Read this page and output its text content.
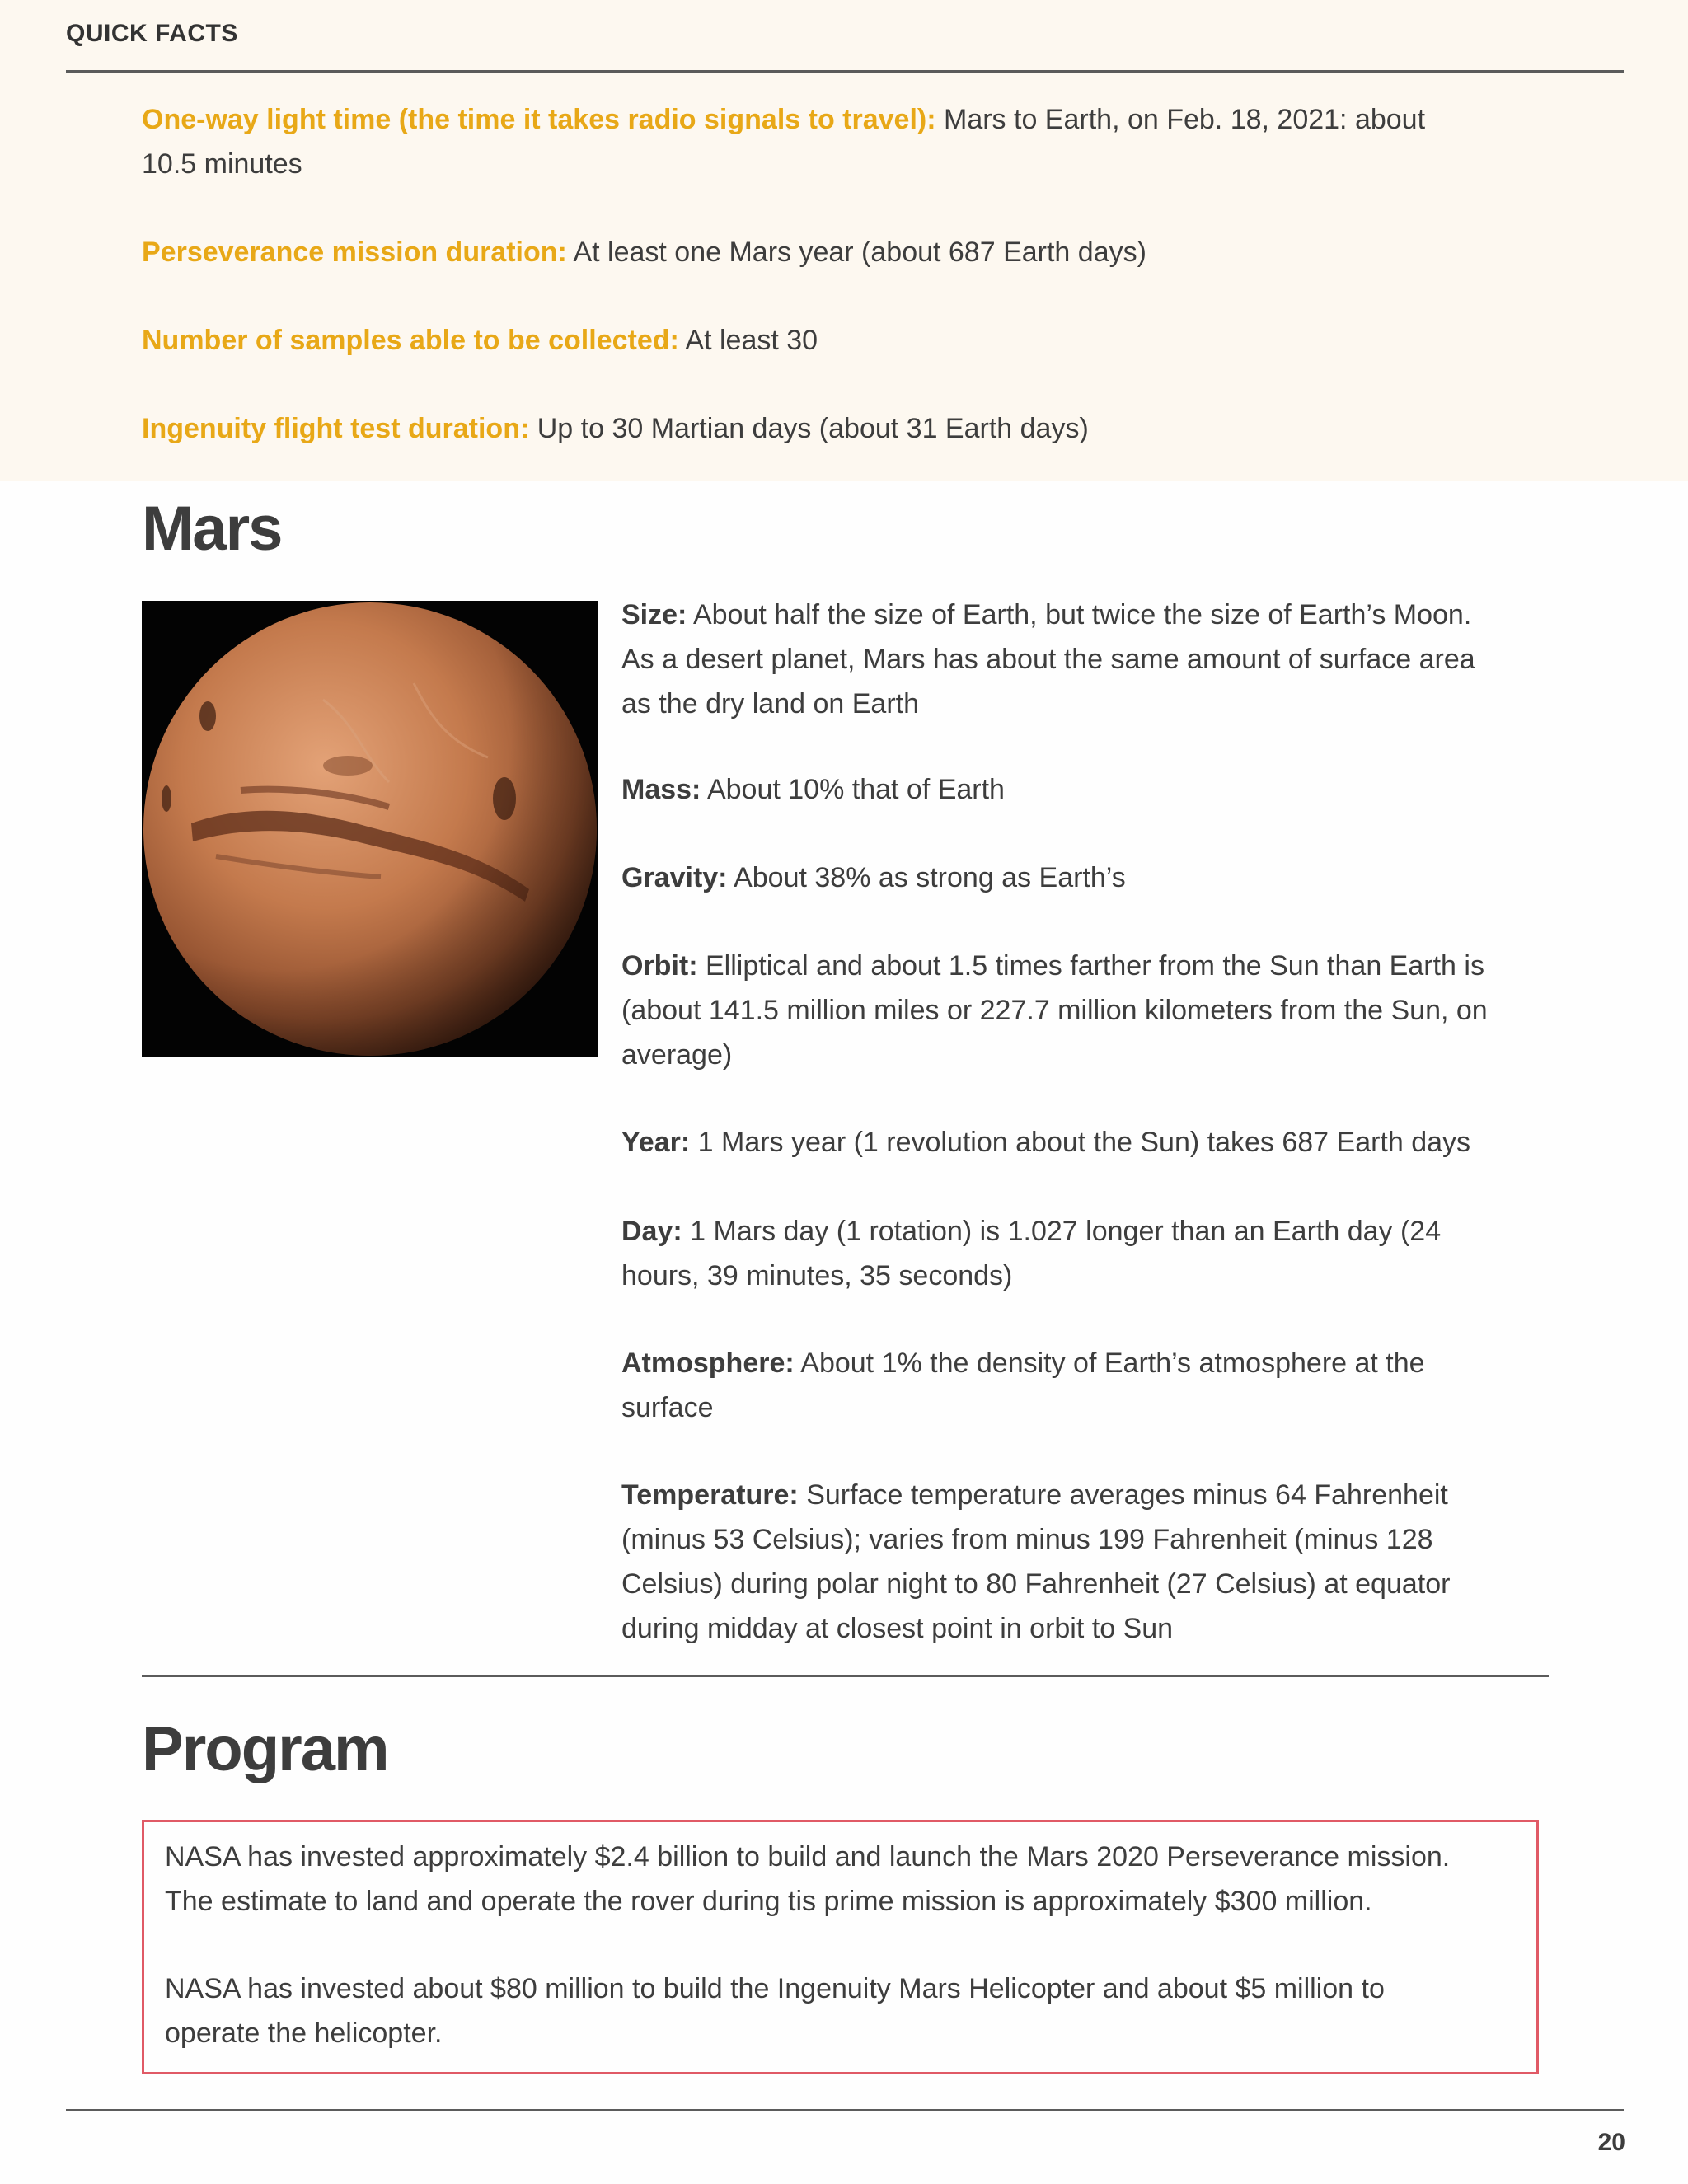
QUICK FACTS
One-way light time (the time it takes radio signals to travel): Mars to Earth, on Feb. 18, 2021: about
10.5 minutes
Perseverance mission duration: At least one Mars year (about 687 Earth days)
Number of samples able to be collected: At least 30
Ingenuity flight test duration: Up to 30 Martian days (about 31 Earth days)
Mars
Size: About half the size of Earth, but twice the size of Earth’s Moon.
As a desert planet, Mars has about the same amount of surface area
as the dry land on Earth
Mass: About 10% that of Earth
Gravity: About 38% as strong as Earth’s
Orbit: Elliptical and about 1.5 times farther from the Sun than Earth is
(about 141.5 million miles or 227.7 million kilometers from the Sun, on
average)
Year: 1 Mars year (1 revolution about the Sun) takes 687 Earth days
Day: 1 Mars day (1 rotation) is 1.027 longer than an Earth day (24
hours, 39 minutes, 35 seconds)
Atmosphere: About 1% the density of Earth’s atmosphere at the
surface
Temperature: Surface temperature averages minus 64 Fahrenheit
(minus 53 Celsius); varies from minus 199 Fahrenheit (minus 128
Celsius) during polar night to 80 Fahrenheit (27 Celsius) at equator
during midday at closest point in orbit to Sun
Program
NASA has invested approximately $2.4 billion to build and launch the Mars 2020 Perseverance mission.
The estimate to land and operate the rover during tis prime mission is approximately $300 million.
NASA has invested about $80 million to build the Ingenuity Mars Helicopter and about $5 million to
operate the helicopter.
20
